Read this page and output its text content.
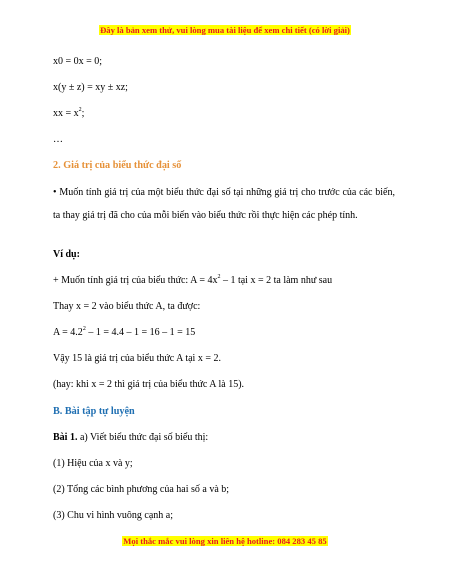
Đây là bản xem thử, vui lòng mua tài liệu để xem chi tiết (có lời giải)
x0 = 0x = 0;
x(y ± z) = xy ± xz;
xx = $x^2$;
…
2. Giá trị của biểu thức đại số
• Muốn tính giá trị của một biểu thức đại số tại những giá trị cho trước của các biến, ta thay giá trị đã cho của mỗi biến vào biểu thức rồi thực hiện các phép tính.
Ví dụ:
+ Muốn tính giá trị của biểu thức: $A = 4x^2 - 1$ tại x = 2 ta làm như sau
Thay x = 2 vào biểu thức A, ta được:
$A = 4.2^2 - 1 = 4.4 - 1 = 16 - 1 = 15$
Vậy 15 là giá trị của biểu thức A tại x = 2.
(hay: khi x = 2 thì giá trị của biểu thức A là 15).
B. Bài tập tự luyện
Bài 1. a) Viết biểu thức đại số biểu thị:
(1) Hiệu của x và y;
(2) Tổng các bình phương của hai số a và b;
(3) Chu vi hình vuông cạnh a;
Mọi thắc mắc vui lòng xin liên hệ hotline: 084 283 45 85
